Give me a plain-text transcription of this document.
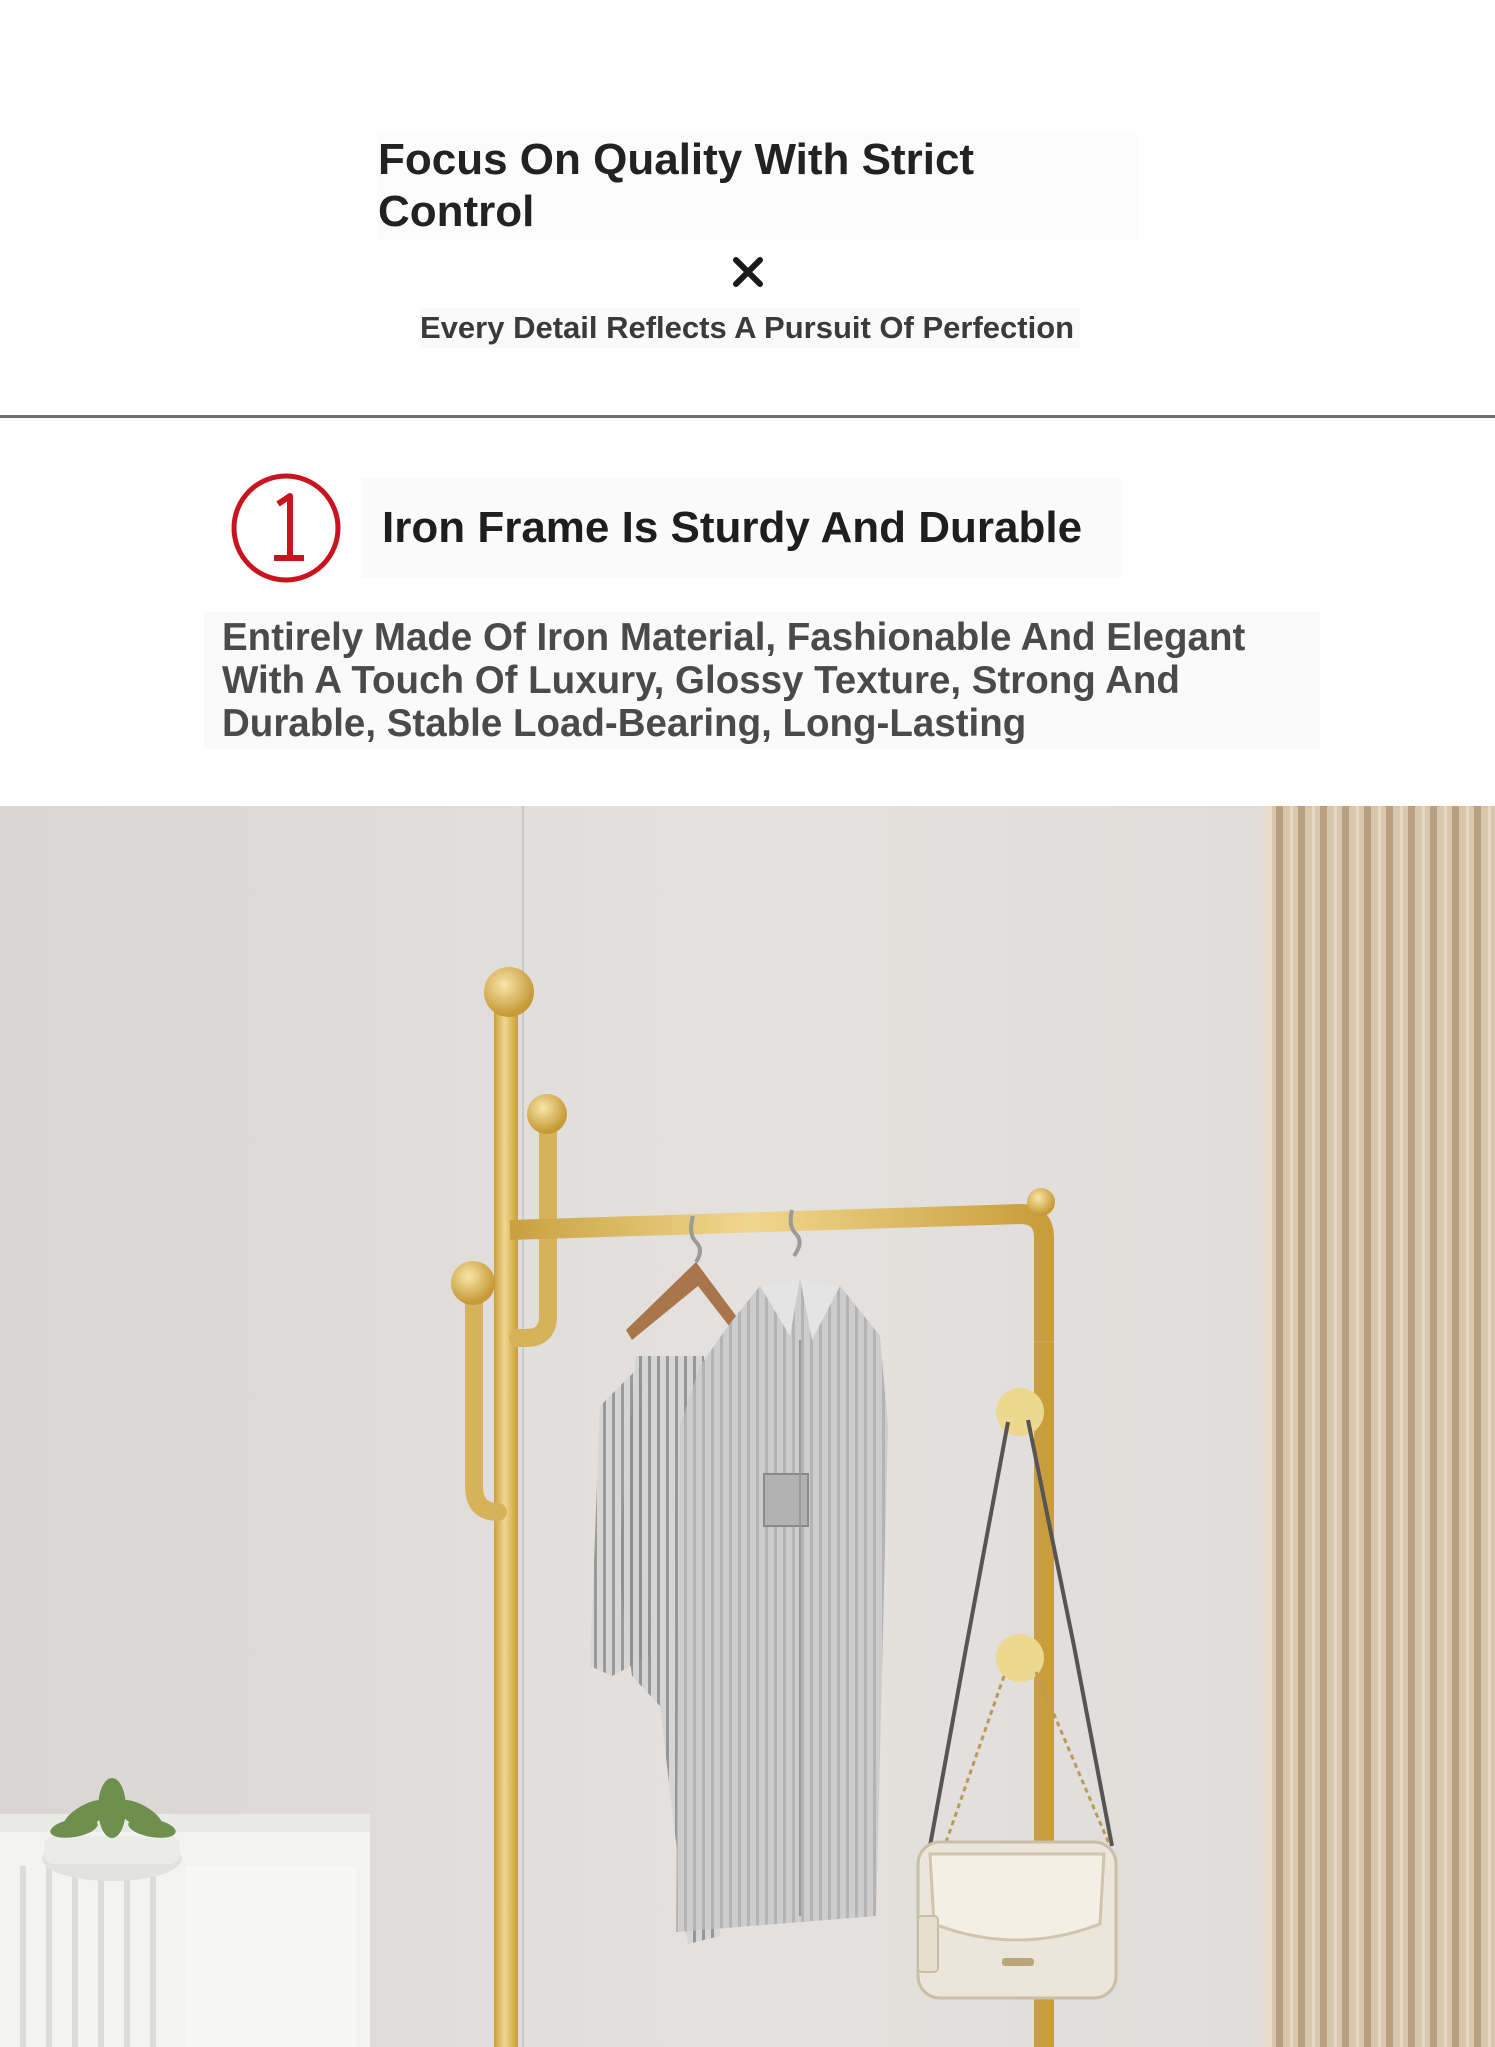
Focus On Quality With Strict Control
Every Detail Reflects A Pursuit Of Perfection
Iron Frame Is Sturdy And Durable
Entirely Made Of Iron Material, Fashionable And Elegant With A Touch Of Luxury, Glossy Texture, Strong And Durable, Stable Load-Bearing, Long-Lasting
